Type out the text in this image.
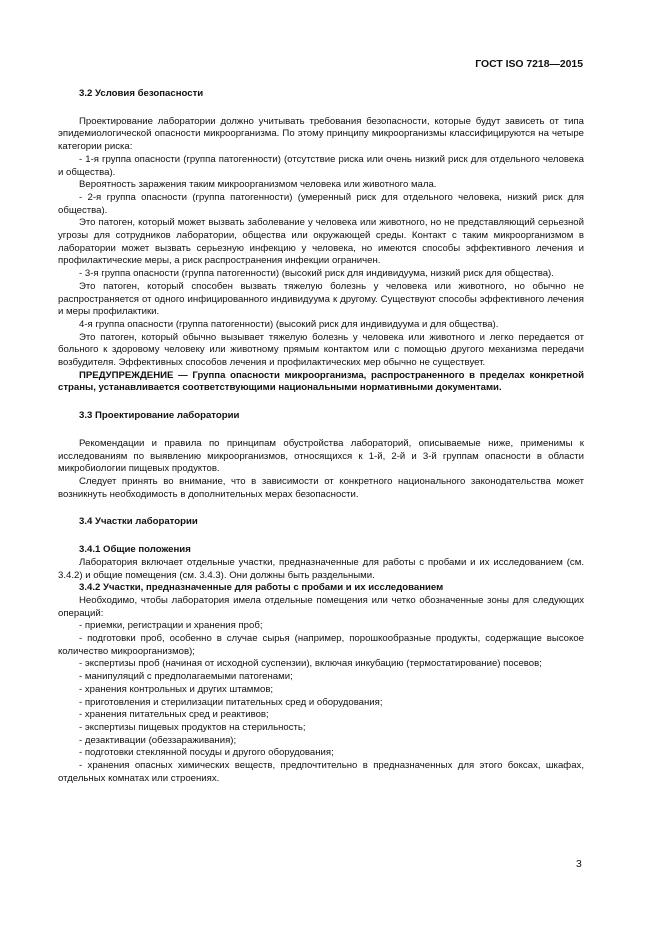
ГОСТ ISO 7218—2015
3.2 Условия безопасности

Проектирование лаборатории должно учитывать требования безопасности, которые будут зависеть от типа эпидемиологической опасности микроорганизма. По этому принципу микроорганизмы классифицируются на четыре категории риска:

- 1-я группа опасности (группа патогенности) (отсутствие риска или очень низкий риск для отдельного человека и общества).

Вероятность заражения таким микроорганизмом человека или животного мала.

- 2-я группа опасности (группа патогенности) (умеренный риск для отдельного человека, низкий риск для общества).

Это патоген, который может вызвать заболевание у человека или животного, но не представляющий серьезной угрозы для сотрудников лаборатории, общества или окружающей среды. Контакт с таким микроорганизмом в лаборатории может вызвать серьезную инфекцию у человека, но имеются способы эффективного лечения и профилактические меры, а риск распространения инфекции ограничен.

- 3-я группа опасности (группа патогенности) (высокий риск для индивидуума, низкий риск для общества).

Это патоген, который способен вызвать тяжелую болезнь у человека или животного, но обычно не распространяется от одного инфицированного индивидуума к другому. Существуют способы эффективного лечения и меры профилактики.

4-я группа опасности (группа патогенности) (высокий риск для индивидуума и для общества).

Это патоген, который обычно вызывает тяжелую болезнь у человека или животного и легко передается от больного к здоровому человеку или животному прямым контактом или с помощью другого механизма передачи возбудителя. Эффективных способов лечения и профилактических мер обычно не существует.

ПРЕДУПРЕЖДЕНИЕ — Группа опасности микроорганизма, распространенного в пределах конкретной страны, устанавливается соответствующими национальными нормативными документами.

3.3 Проектирование лаборатории

Рекомендации и правила по принципам обустройства лабораторий, описываемые ниже, применимы к исследованиям по выявлению микроорганизмов, относящихся к 1-й, 2-й и 3-й группам опасности в области микробиологии пищевых продуктов.

Следует принять во внимание, что в зависимости от конкретного национального законодательства может возникнуть необходимость в дополнительных мерах безопасности.

3.4 Участки лаборатории
3.4.1 Общие положения

Лаборатория включает отдельные участки, предназначенные для работы с пробами и их исследованием (см. 3.4.2) и общие помещения (см. 3.4.3). Они должны быть раздельными.

3.4.2 Участки, предназначенные для работы с пробами и их исследованием

Необходимо, чтобы лаборатория имела отдельные помещения или четко обозначенные зоны для следующих операций:

- приемки, регистрации и хранения проб;

- подготовки проб, особенно в случае сырья (например, порошкообразные продукты, содержащие высокое количество микроорганизмов);

- экспертизы проб (начиная от исходной суспензии), включая инкубацию (термостатирование) посевов;

- манипуляций с предполагаемыми патогенами;

- хранения контрольных и других штаммов;

- приготовления и стерилизации питательных сред и оборудования;

- хранения питательных сред и реактивов;

- экспертизы пищевых продуктов на стерильность;

- дезактивации (обеззараживания);

- подготовки стеклянной посуды и другого оборудования;

- хранения опасных химических веществ, предпочтительно в предназначенных для этого боксах, шкафах, отдельных комнатах или строениях.

3
